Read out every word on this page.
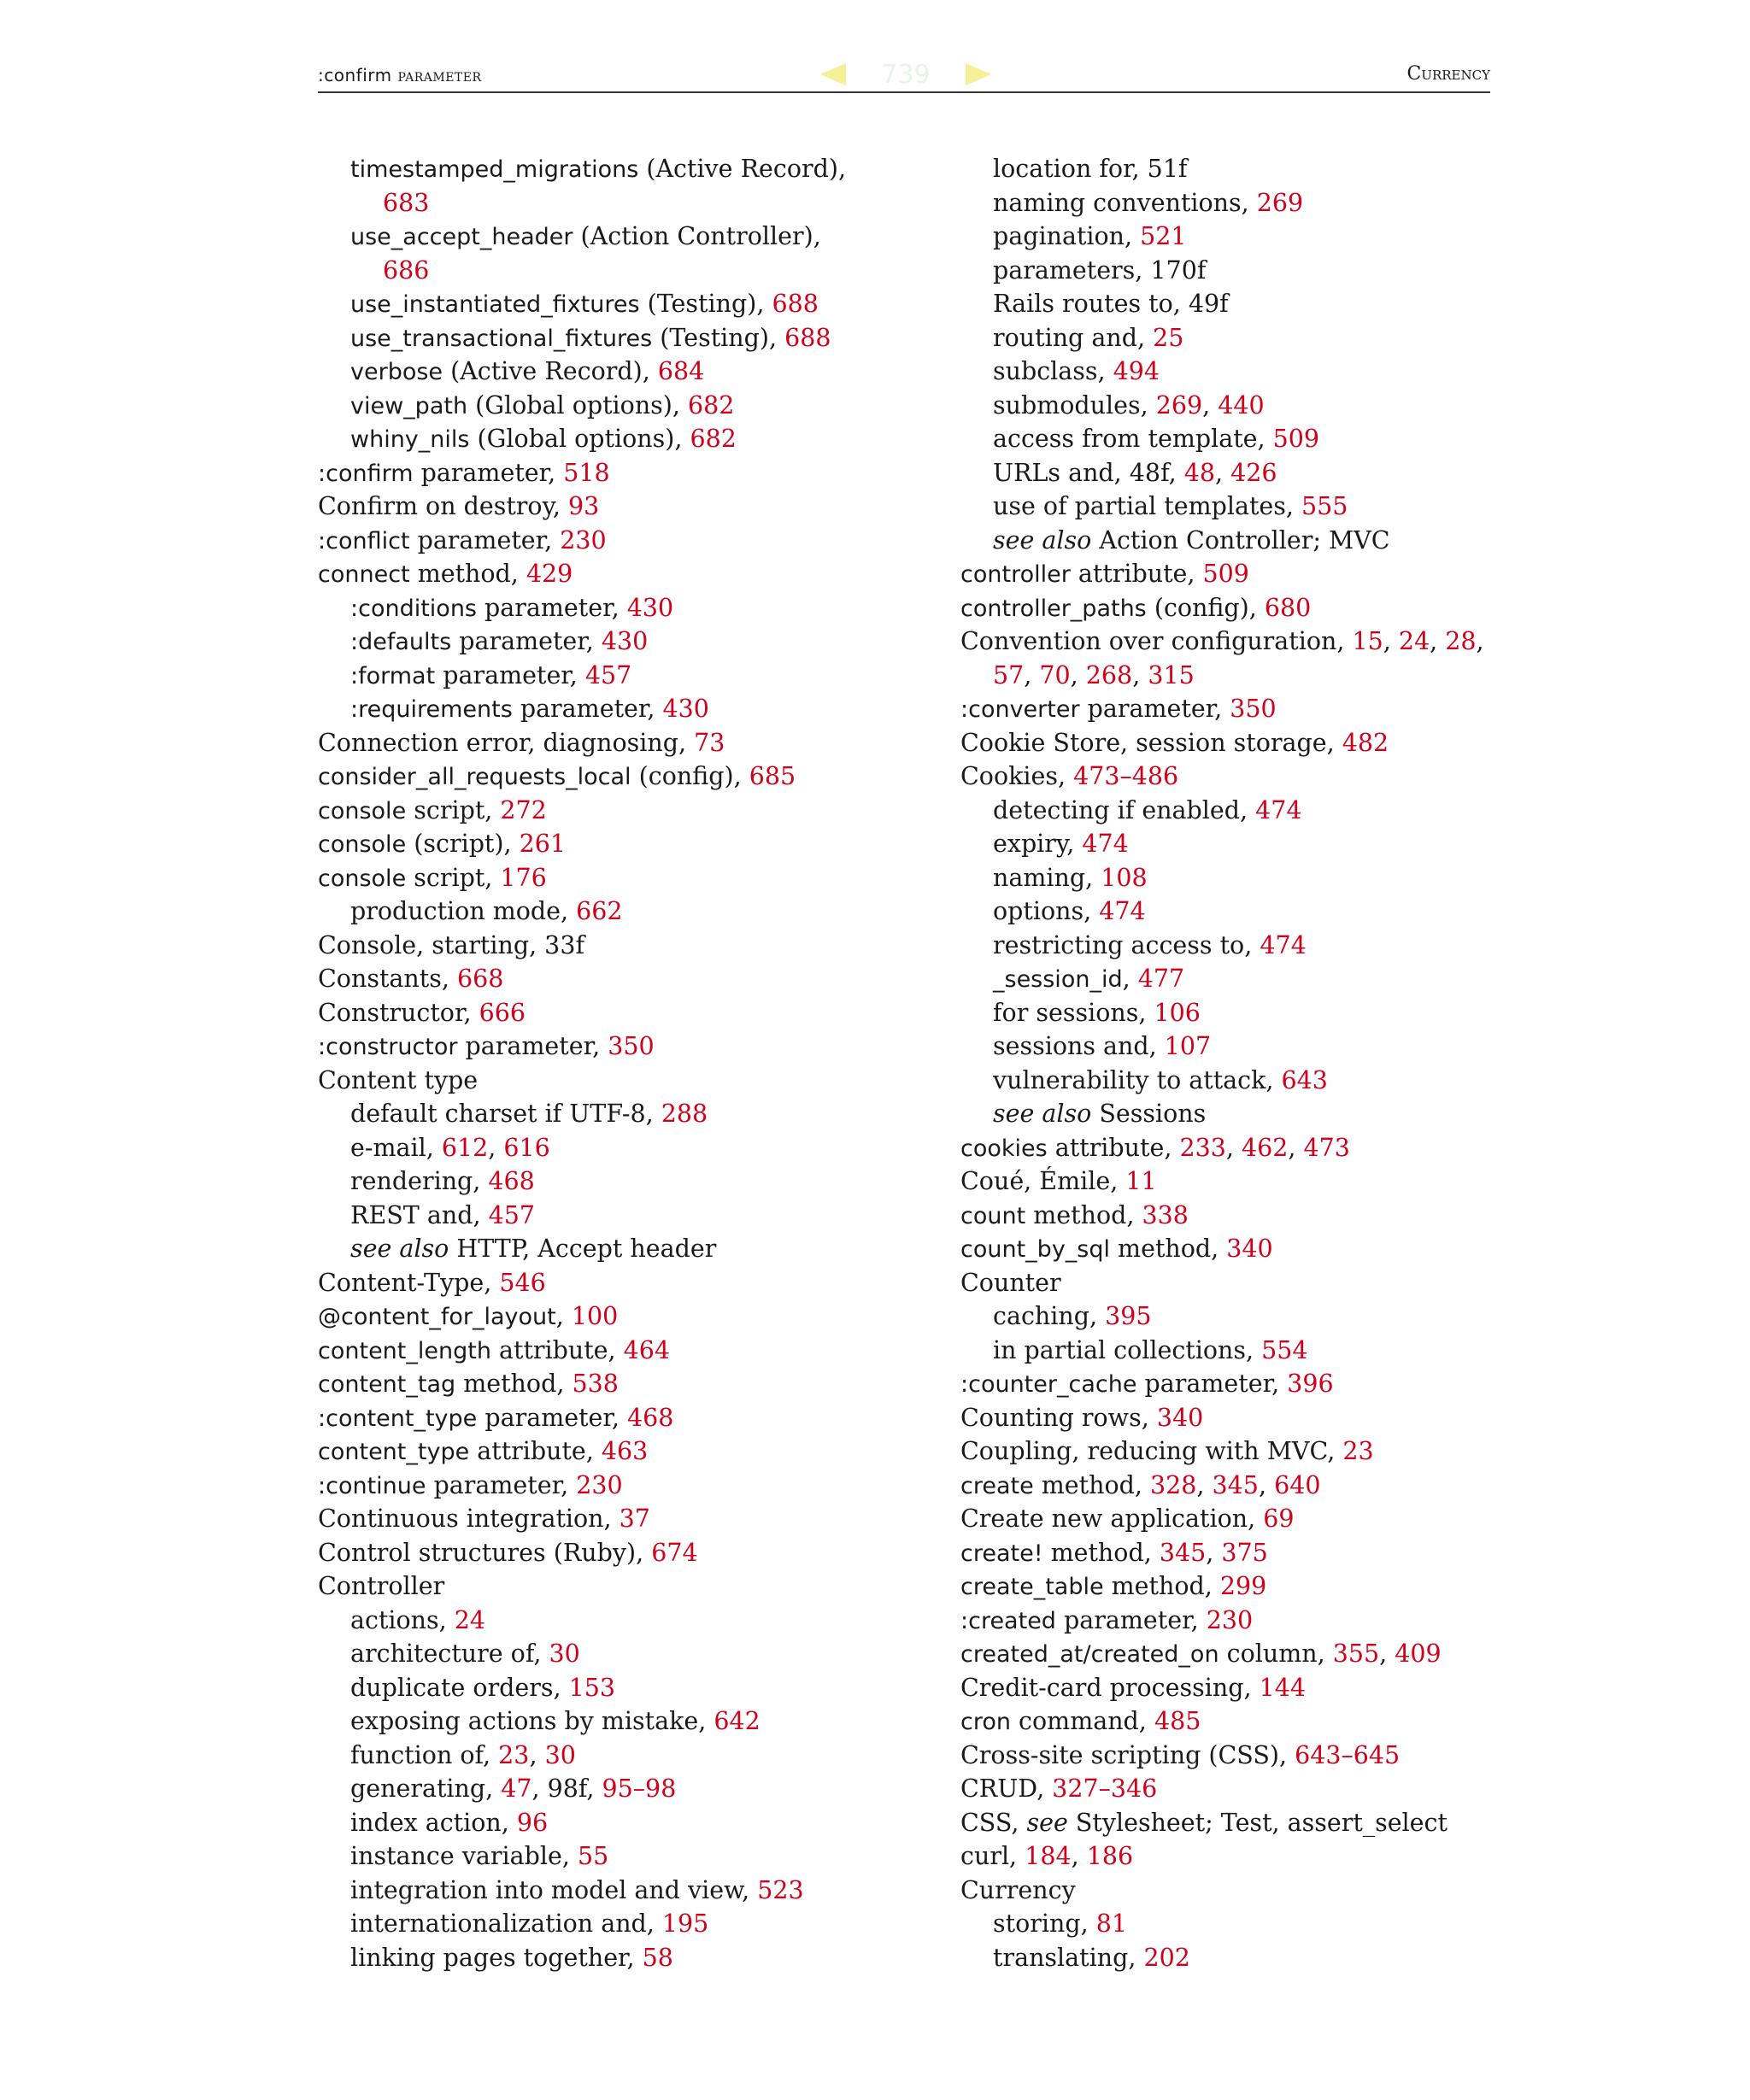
:confirm parameter	739	Currency
timestamped_migrations (Active Record),
683
use_accept_header (Action Controller),
686
use_instantiated_fixtures (Testing), 688
use_transactional_fixtures (Testing), 688
verbose (Active Record), 684
view_path (Global options), 682
whiny_nils (Global options), 682
:confirm parameter, 518
Confirm on destroy, 93
:conflict parameter, 230
connect method, 429
:conditions parameter, 430
:defaults parameter, 430
:format parameter, 457
:requirements parameter, 430
Connection error, diagnosing, 73
consider_all_requests_local (config), 685
console script, 272
console (script), 261
console script, 176
production mode, 662
Console, starting, 33f
Constants, 668
Constructor, 666
:constructor parameter, 350
Content type
default charset if UTF-8, 288
e-mail, 612, 616
rendering, 468
REST and, 457
see also HTTP, Accept header
Content-Type, 546
@content_for_layout, 100
content_length attribute, 464
content_tag method, 538
:content_type parameter, 468
content_type attribute, 463
:continue parameter, 230
Continuous integration, 37
Control structures (Ruby), 674
Controller
actions, 24
architecture of, 30
duplicate orders, 153
exposing actions by mistake, 642
function of, 23, 30
generating, 47, 98f, 95–98
index action, 96
instance variable, 55
integration into model and view, 523
internationalization and, 195
linking pages together, 58
location for, 51f
naming conventions, 269
pagination, 521
parameters, 170f
Rails routes to, 49f
routing and, 25
subclass, 494
submodules, 269, 440
access from template, 509
URLs and, 48f, 48, 426
use of partial templates, 555
see also Action Controller; MVC
controller attribute, 509
controller_paths (config), 680
Convention over configuration, 15, 24, 28,
57, 70, 268, 315
:converter parameter, 350
Cookie Store, session storage, 482
Cookies, 473–486
detecting if enabled, 474
expiry, 474
naming, 108
options, 474
restricting access to, 474
_session_id, 477
for sessions, 106
sessions and, 107
vulnerability to attack, 643
see also Sessions
cookies attribute, 233, 462, 473
Coué, Émile, 11
count method, 338
count_by_sql method, 340
Counter
caching, 395
in partial collections, 554
:counter_cache parameter, 396
Counting rows, 340
Coupling, reducing with MVC, 23
create method, 328, 345, 640
Create new application, 69
create! method, 345, 375
create_table method, 299
:created parameter, 230
created_at/created_on column, 355, 409
Credit-card processing, 144
cron command, 485
Cross-site scripting (CSS), 643–645
CRUD, 327–346
CSS, see Stylesheet; Test, assert_select
curl, 184, 186
Currency
storing, 81
translating, 202
